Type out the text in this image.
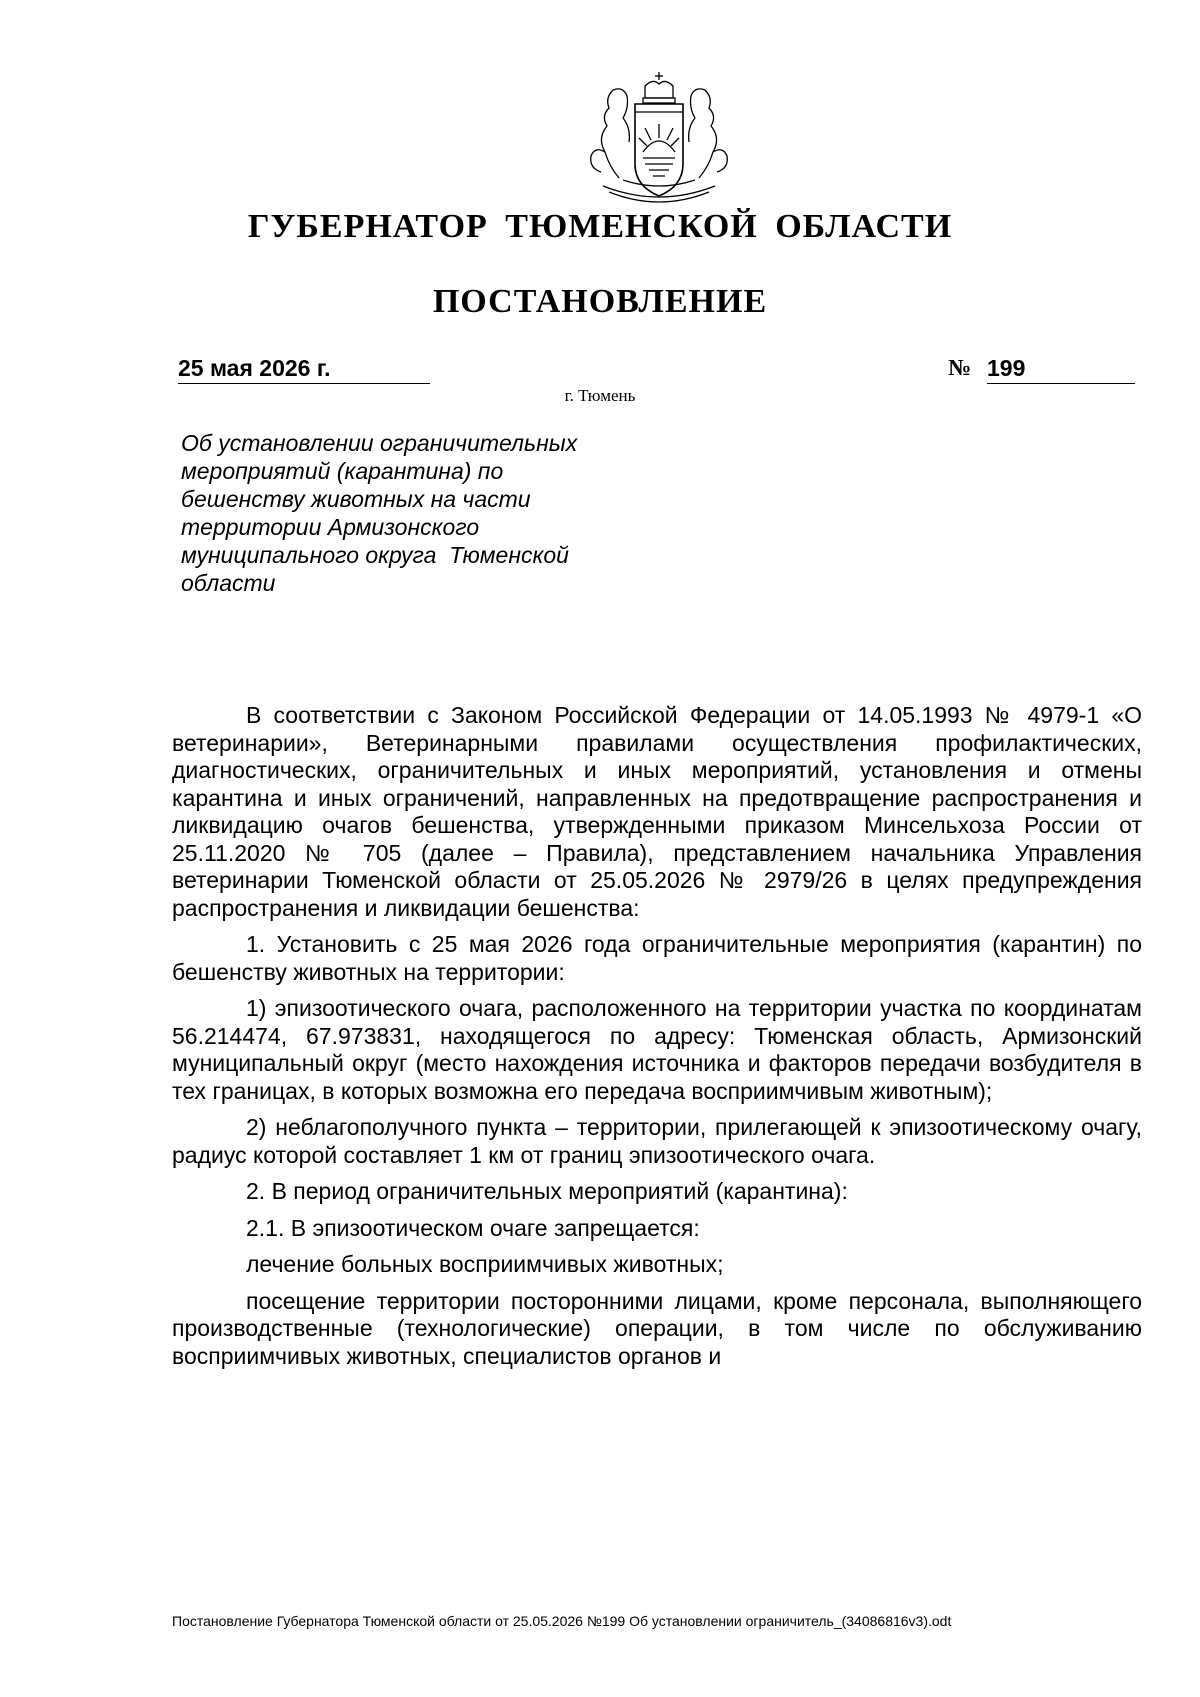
ГУБЕРНАТОР ТЮМЕНСКОЙ ОБЛАСТИ
ПОСТАНОВЛЕНИЕ
25 мая 2026 г.	№ 199
г. Тюмень
Об установлении ограничительных
мероприятий (карантина) по
бешенству животных на части
территории Армизонского
муниципального округа  Тюменской
области

В соответствии с Законом Российской Федерации от 14.05.1993 № 4979-1 «О ветеринарии», Ветеринарными правилами осуществления профилактических, диагностических, ограничительных и иных мероприятий, установления и отмены карантина и иных ограничений, направленных на предотвращение распространения и ликвидацию очагов бешенства, утвержденными приказом Минсельхоза России от 25.11.2020 № 705 (далее – Правила), представлением начальника Управления ветеринарии Тюменской области от 25.05.2026 № 2979/26 в целях предупреждения распространения и ликвидации бешенства:

1. Установить с 25 мая 2026 года ограничительные мероприятия (карантин) по бешенству животных на территории:

1) эпизоотического очага, расположенного на территории участка по координатам 56.214474, 67.973831, находящегося по адресу: Тюменская область, Армизонский муниципальный округ (место нахождения источника и факторов передачи возбудителя в тех границах, в которых возможна его передача восприимчивым животным);

2) неблагополучного пункта – территории, прилегающей к эпизоотическому очагу, радиус которой составляет 1 км от границ эпизоотического очага.

2. В период ограничительных мероприятий (карантина):

2.1. В эпизоотическом очаге запрещается:

лечение больных восприимчивых животных;

посещение территории посторонними лицами, кроме персонала, выполняющего производственные (технологические) операции, в том числе по обслуживанию восприимчивых животных, специалистов органов и

Постановление Губернатора Тюменской области от 25.05.2026 №199 Об установлении ограничитель_(34086816v3).odt
